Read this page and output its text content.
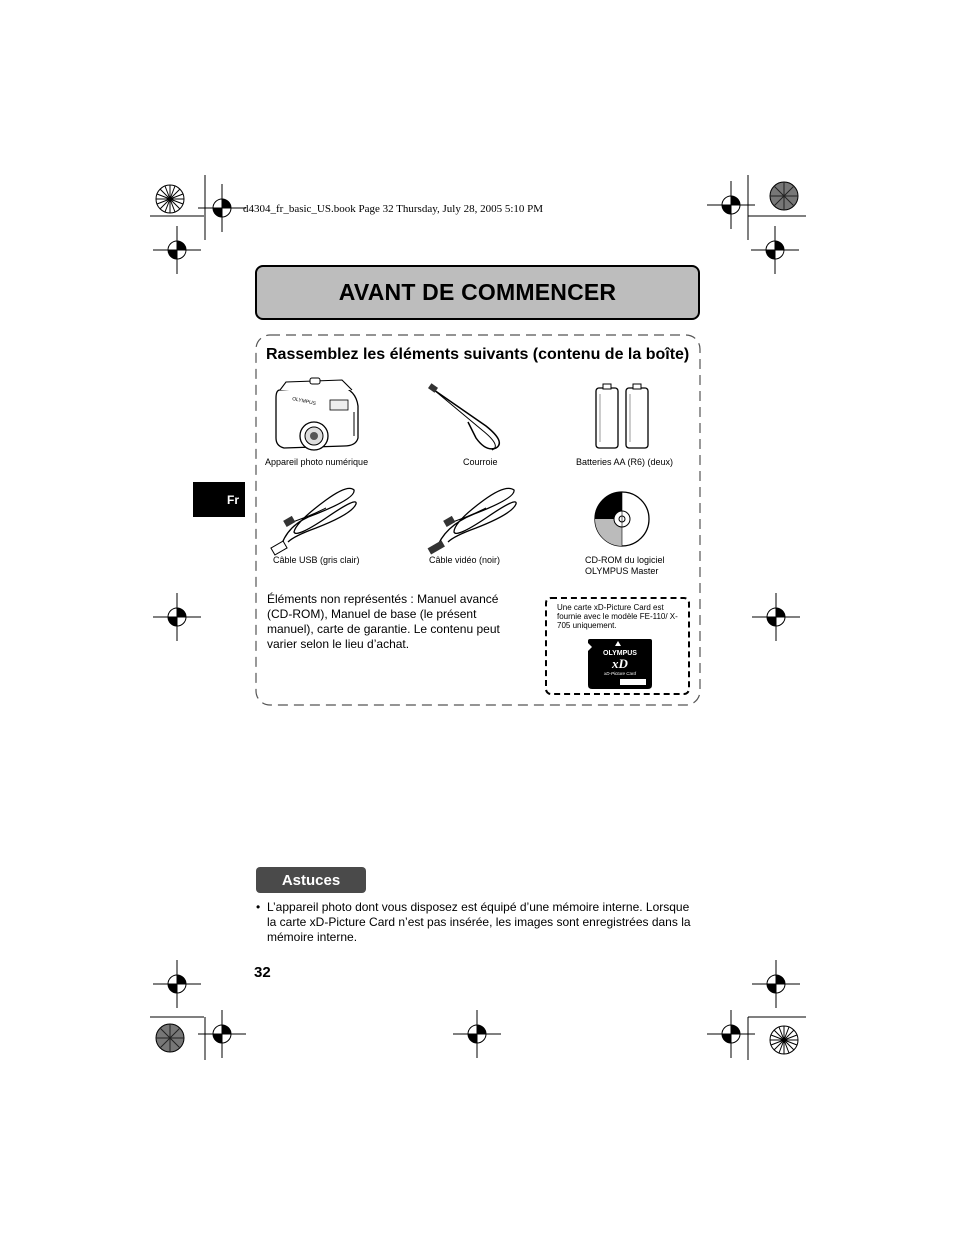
d4304_fr_basic_US.book Page 32 Thursday, July 28, 2005 5:10 PM
AVANT DE COMMENCER
Fr
Rassemblez les éléments suivants (contenu de la boîte)
OLYMPUS
Appareil photo numérique	Courroie	Batteries AA (R6) (deux)
Câble USB (gris clair)	Câble vidéo (noir)	CD-ROM du logiciel
OLYMPUS Master
Éléments non représentés : Manuel avancé (CD-ROM), Manuel de base (le présent manuel), carte de garantie. Le contenu peut varier selon le lieu d’achat.
Une carte xD-Picture Card est fournie avec le modèle FE-110/ X-705 uniquement.
OLYMPUS
xD
xD-Picture Card
Astuces
• L’appareil photo dont vous disposez est équipé d’une mémoire interne. Lorsque la carte xD-Picture Card n’est pas insérée, les images sont enregistrées dans la mémoire interne.
32
